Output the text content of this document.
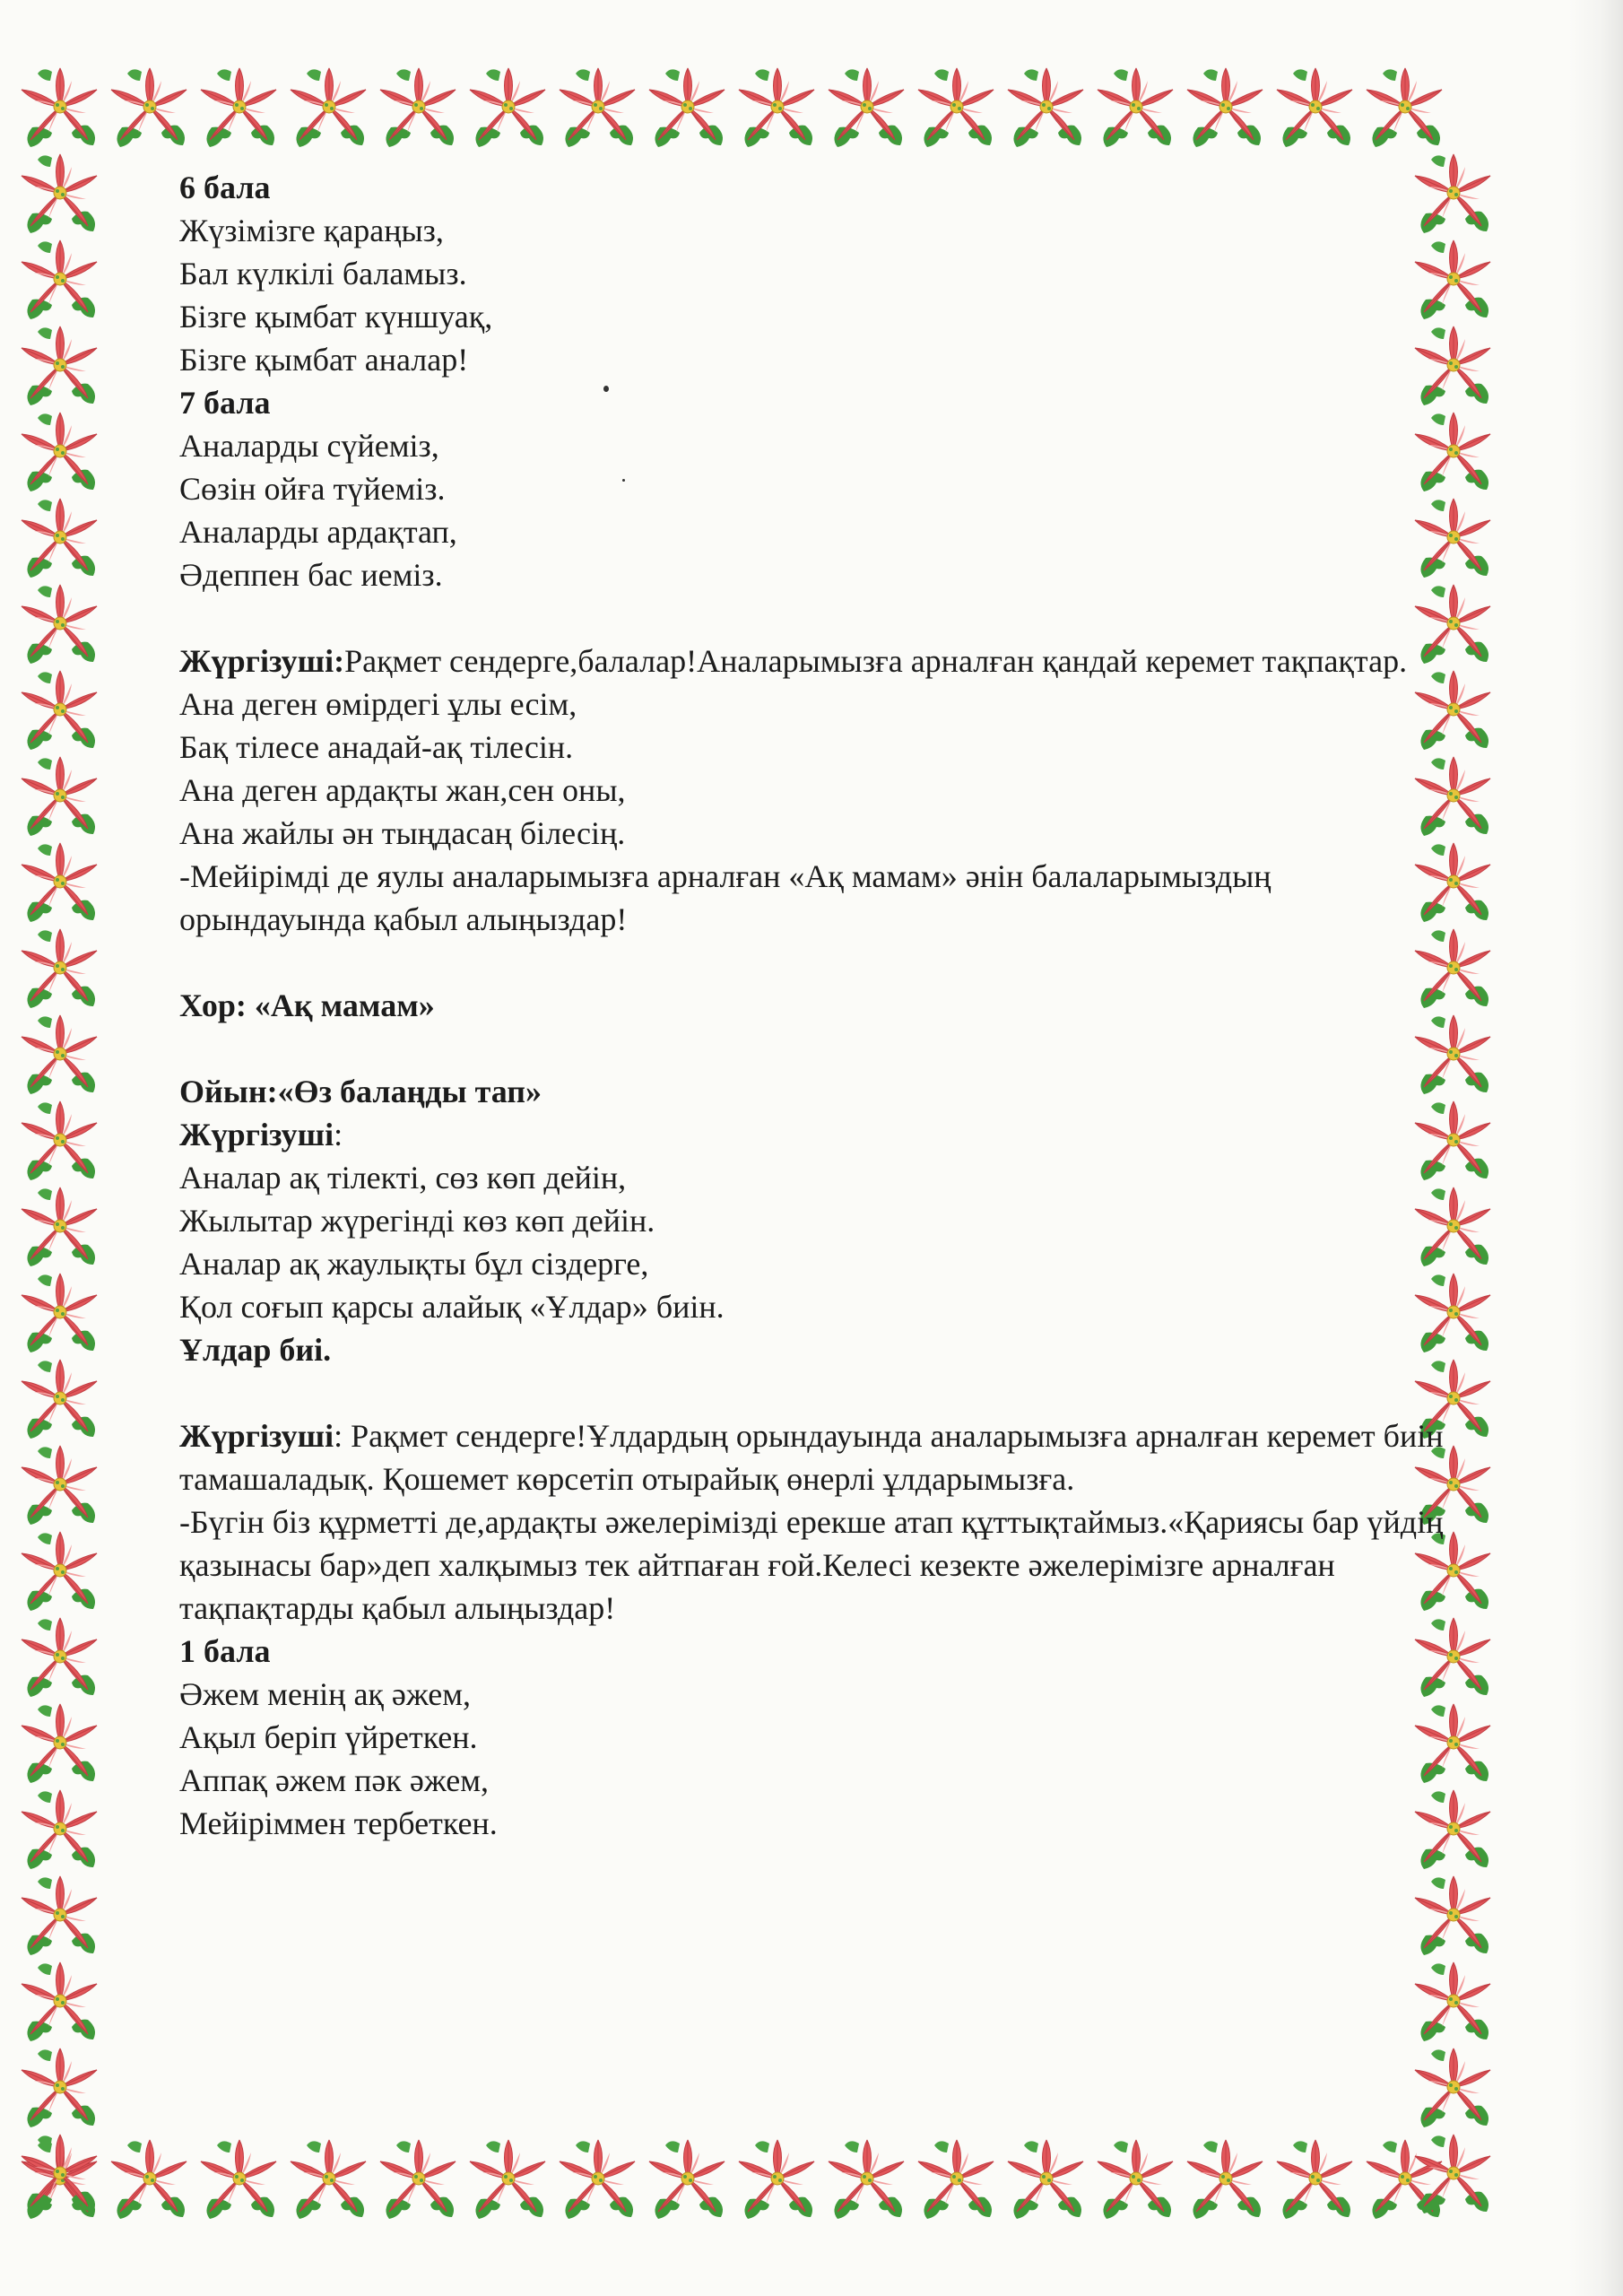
6 бала
Жүзімізге қараңыз,
Бал күлкілі баламыз.
Бізге қымбат күншуақ,
Бізге қымбат аналар!
7 бала
Аналарды сүйеміз,
Сөзін ойға түйеміз.
Аналарды ардақтап,
Әдеппен бас иеміз.
Жүргізуші:Рақмет сендерге,балалар!Аналарымызға арналған қандай керемет тақпақтар.
Ана деген өмірдегі ұлы есім,
Бақ тілесе анадай-ақ тілесін.
Ана деген ардақты жан,сен оны,
Ана жайлы ән тыңдасаң білесің.
-Мейірімді де яулы аналарымызға арналған «Ақ мамам» әнін балаларымыздың орындауында қабыл алыңыздар!
Хор: «Ақ мамам»
Ойын:«Өз балаңды тап»
Жүргізуші:
Аналар ақ тілекті, сөз көп дейін,
Жылытар жүрегінді көз көп дейін.
Аналар ақ жаулықты бұл сіздерге,
Қол соғып қарсы алайық «Ұлдар» биін.
Ұлдар биі.
Жүргізуші: Рақмет сендерге!Ұлдардың орындауында аналарымызға арналған керемет биін тамашаладық. Қошемет көрсетіп отырайық өнерлі ұлдарымызға.
-Бүгін біз құрметті де,ардақты әжелерімізді ерекше атап құттықтаймыз.«Қариясы бар үйдің қазынасы бар»деп халқымыз тек айтпаған ғой.Келесі кезекте әжелерімізге арналған тақпақтарды қабыл алыңыздар!
1 бала
Әжем менің ақ әжем,
Ақыл беріп үйреткен.
Аппақ әжем пәк әжем,
Мейіріммен тербеткен.
